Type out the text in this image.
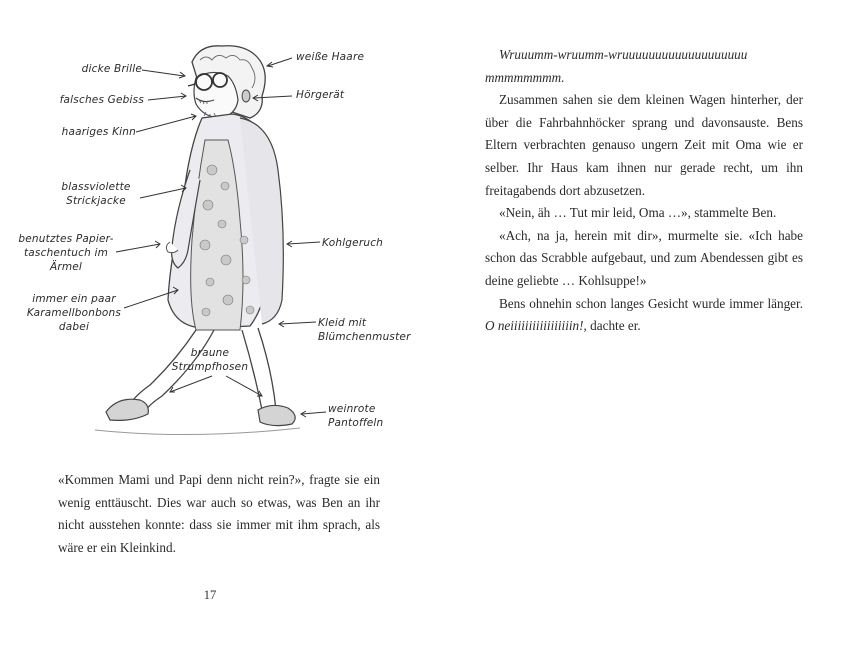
dicke Brille
weiße Haare
falsches Gebiss	Hörgerät
haariges Kinn
blassviolette
Strickjacke
benutztes Papier-
taschentuch im
Ärmel
Kohlgeruch
immer ein paar
Karamellbonbons
dabei	Kleid mit
Blümchenmuster
braune
Strumpfhosen
weinrote
Pantoffeln

«Kommen Mami und Papi denn nicht rein?», fragte sie ein wenig enttäuscht. Dies war auch so etwas, was Ben an ihr nicht ausstehen konnte: dass sie immer mit ihm sprach, als wäre er ein Kleinkind.

17

Wruuumm-wruumm-wruuuuuuuuuuuuuuuuuuu

mmmmmmmm.

Zusammen sahen sie dem kleinen Wagen hinterher, der über die Fahrbahnhöcker sprang und davonsauste. Bens Eltern verbrachten genauso ungern Zeit mit Oma wie er selber. Ihr Haus kam ihnen nur gerade recht, um ihn freitagabends dort abzusetzen.

«Nein, äh … Tut mir leid, Oma …», stammelte Ben.

«Ach, na ja, herein mit dir», murmelte sie. «Ich habe schon das Scrabble aufgebaut, und zum Abendessen gibt es deine geliebte … Kohlsuppe!»

Bens ohnehin schon langes Gesicht wurde immer länger. O neiiiiiiiiiiiiiiiiin!, dachte er.
